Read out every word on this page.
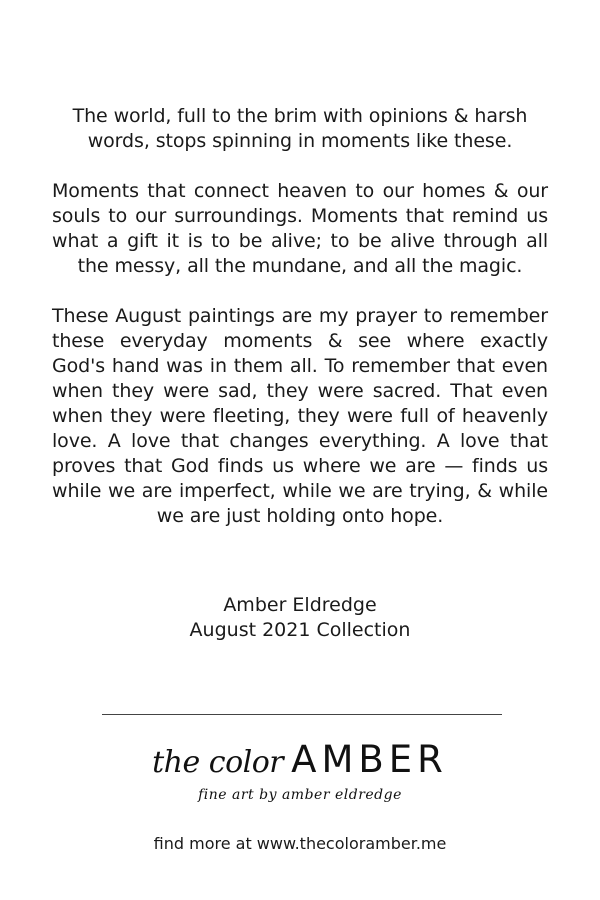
The world, full to the brim with opinions & harsh words, stops spinning in moments like these.

Moments that connect heaven to our homes & our souls to our surroundings. Moments that remind us what a gift it is to be alive; to be alive through all the messy, all the mundane, and all the magic.

These August paintings are my prayer to remember these everyday moments & see where exactly God's hand was in them all. To remember that even when they were sad, they were sacred. That even when they were fleeting, they were full of heavenly love. A love that changes everything. A love that proves that God finds us where we are — finds us while we are imperfect, while we are trying, & while we are just holding onto hope.

Amber Eldredge
August 2021 Collection
the color AMBER
fine art by amber eldredge
find more at www.thecoloramber.me
